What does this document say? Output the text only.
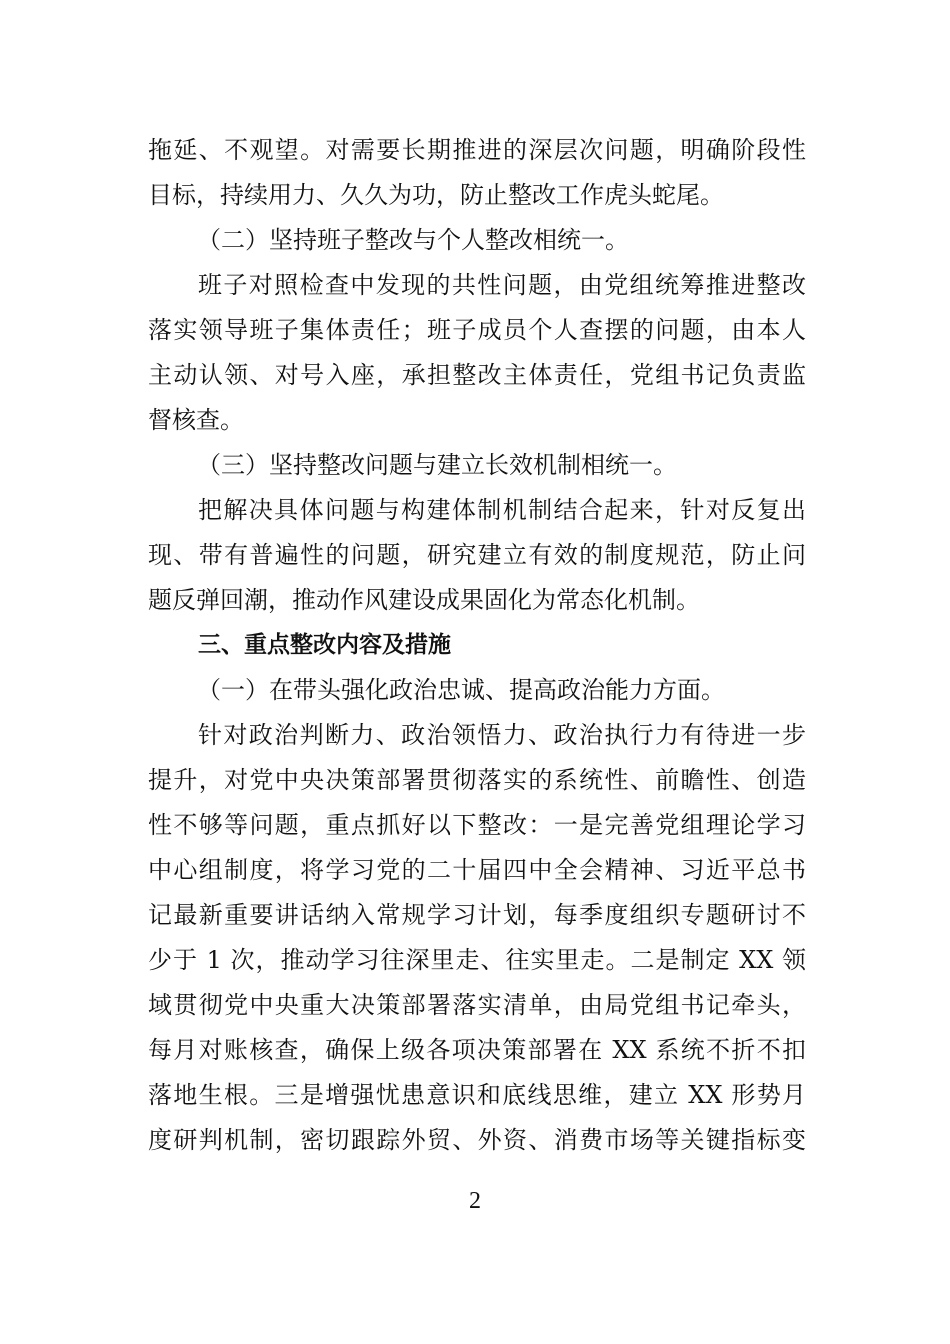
拖延、不观望。对需要长期推进的深层次问题，明确阶段性
目标，持续用力、久久为功，防止整改工作虎头蛇尾。
（二）坚持班子整改与个人整改相统一。
班子对照检查中发现的共性问题，由党组统筹推进整改
落实领导班子集体责任；班子成员个人查摆的问题，由本人
主动认领、对号入座，承担整改主体责任，党组书记负责监
督核查。
（三）坚持整改问题与建立长效机制相统一。
把解决具体问题与构建体制机制结合起来，针对反复出
现、带有普遍性的问题，研究建立有效的制度规范，防止问
题反弹回潮，推动作风建设成果固化为常态化机制。
三、重点整改内容及措施
（一）在带头强化政治忠诚、提高政治能力方面。
针对政治判断力、政治领悟力、政治执行力有待进一步
提升，对党中央决策部署贯彻落实的系统性、前瞻性、创造
性不够等问题，重点抓好以下整改：一是完善党组理论学习
中心组制度，将学习党的二十届四中全会精神、习近平总书
记最新重要讲话纳入常规学习计划，每季度组织专题研讨不
少于 1 次，推动学习往深里走、往实里走。二是制定 XX 领
域贯彻党中央重大决策部署落实清单，由局党组书记牵头，
每月对账核查，确保上级各项决策部署在 XX 系统不折不扣
落地生根。三是增强忧患意识和底线思维，建立 XX 形势月
度研判机制，密切跟踪外贸、外资、消费市场等关键指标变
2
